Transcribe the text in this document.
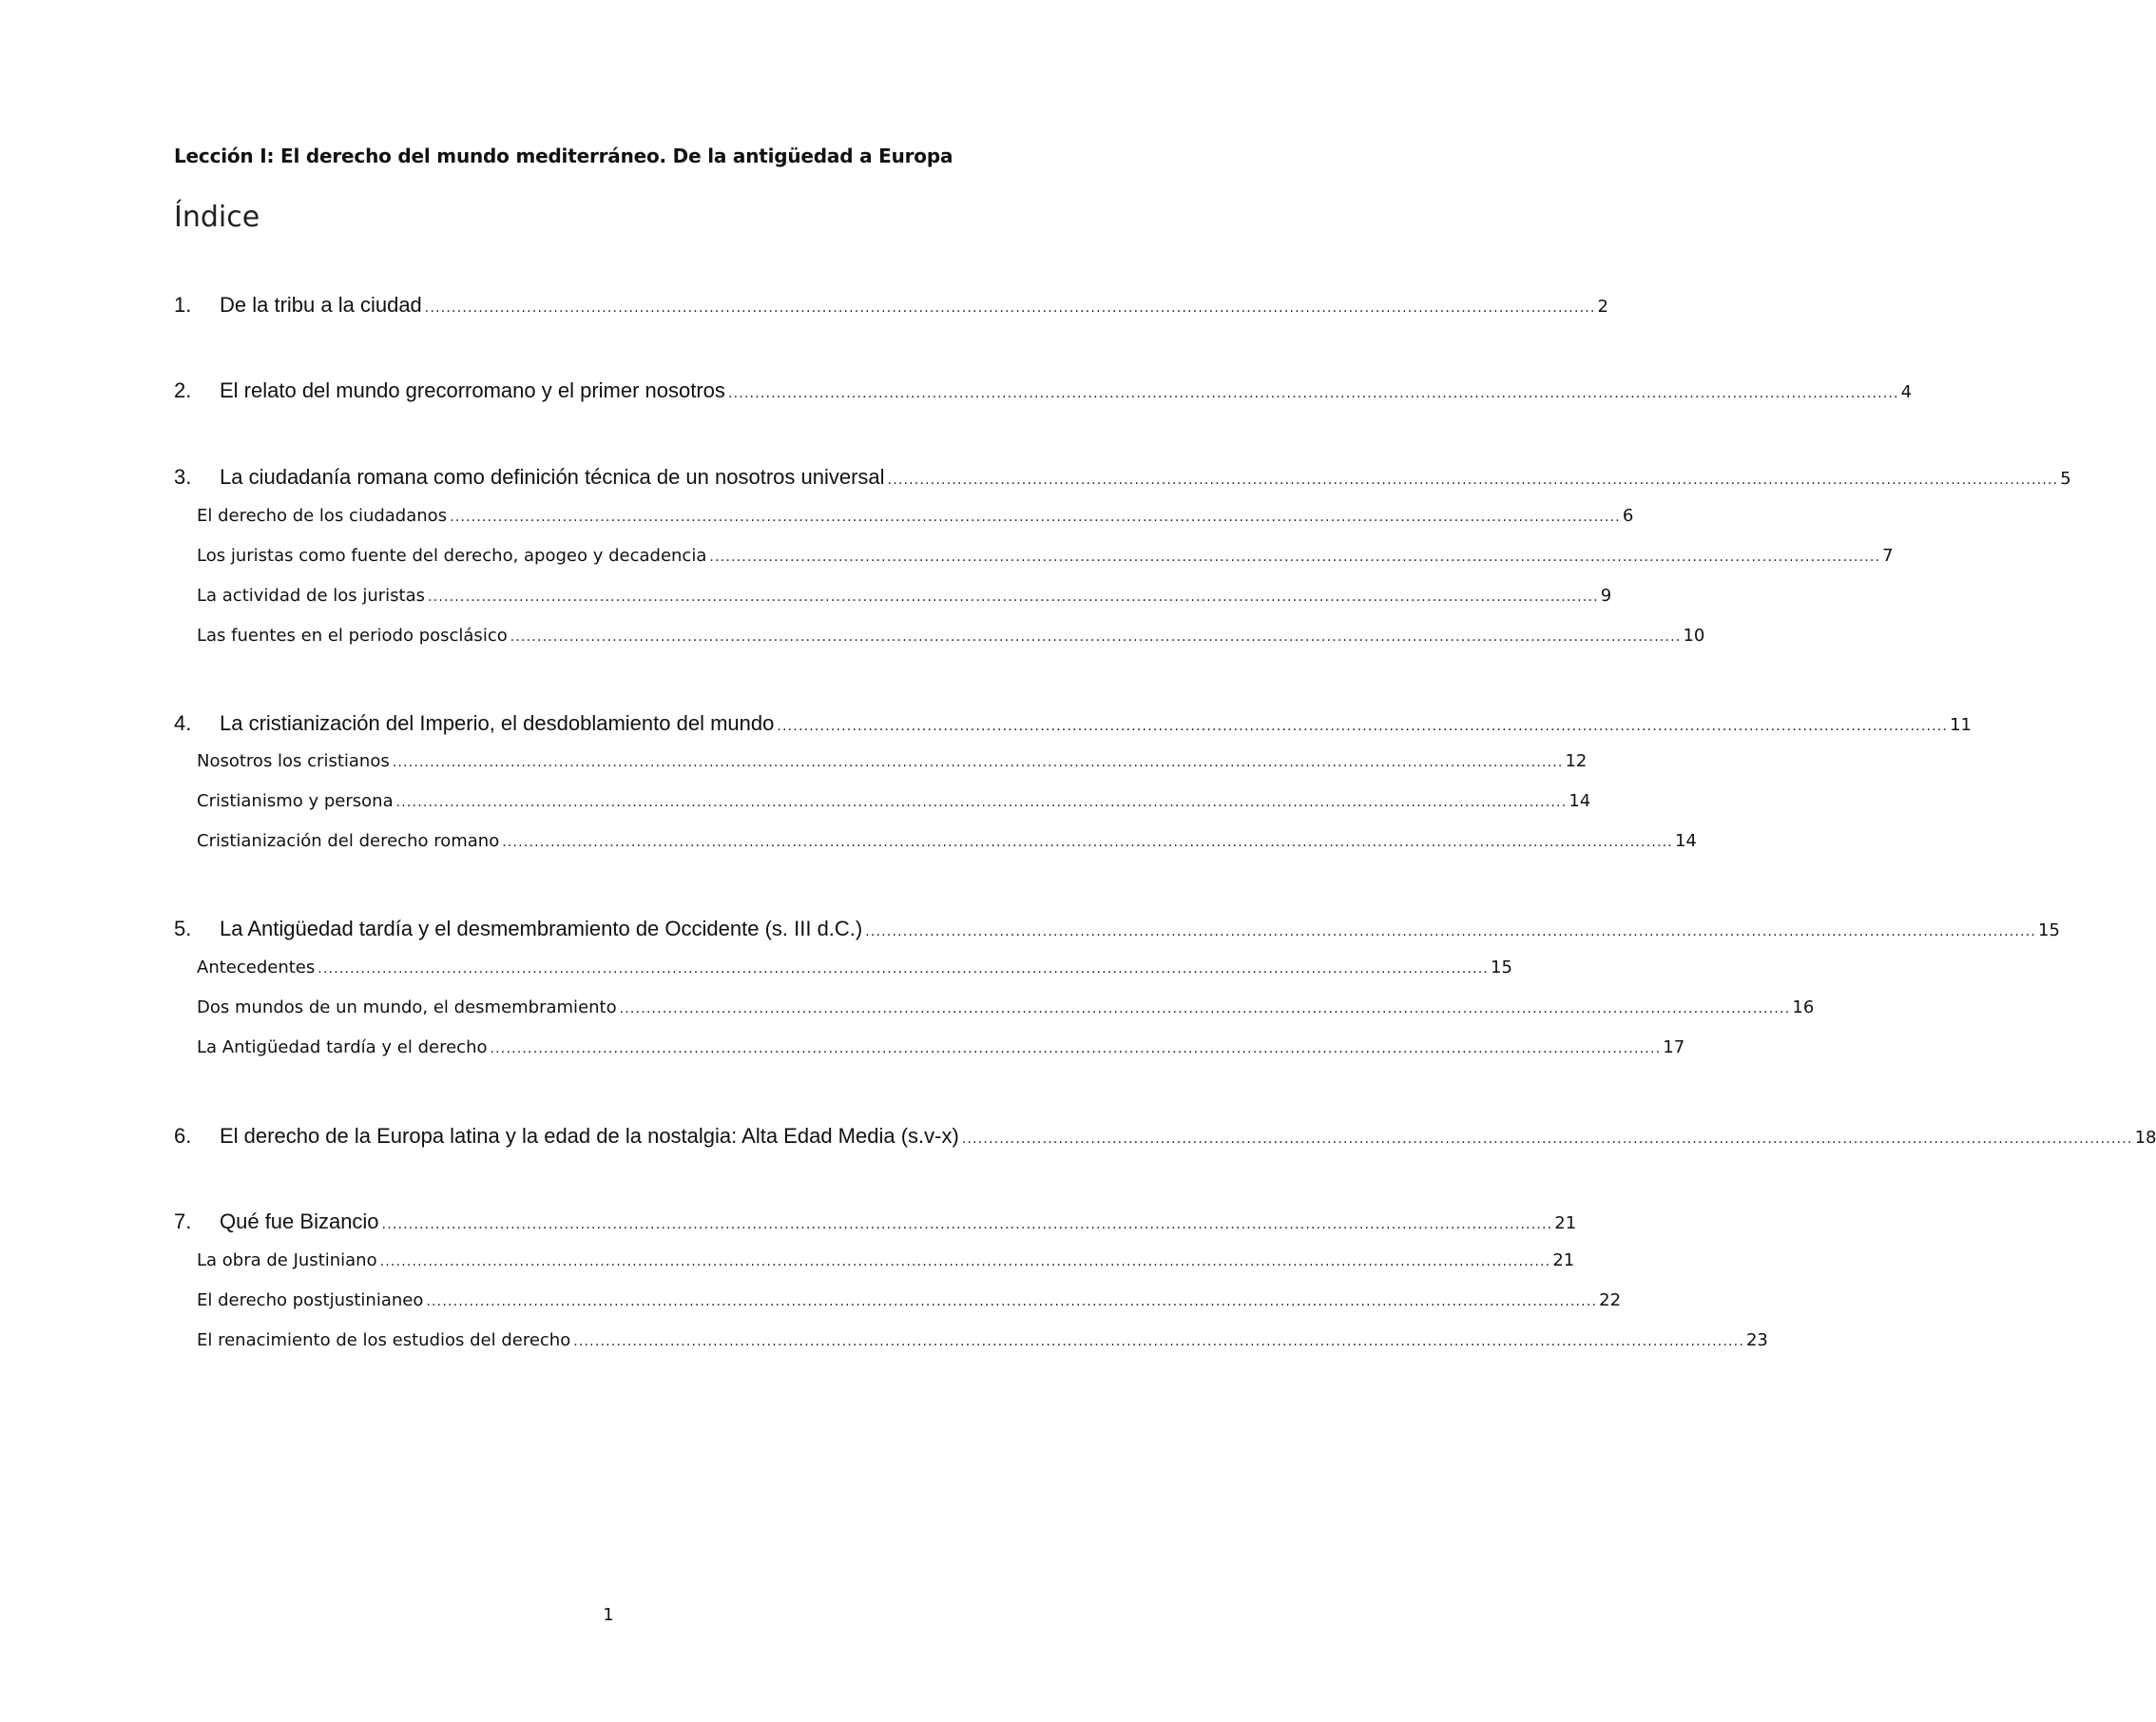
Lección I: El derecho del mundo mediterráneo. De la antigüedad a Europa
Índice
1.	De la tribu a la ciudad .......................................................................................................................................................................................................................... 2
2.	El relato del mundo grecorromano y el primer nosotros .......................................................................................................................................................................................................................... 4
3.	La ciudadanía romana como definición técnica de un nosotros universal .......................................................................................................................................................................................................................... 5
El derecho de los ciudadanos .......................................................................................................................................................................................................................... 6
Los juristas como fuente del derecho, apogeo y decadencia .......................................................................................................................................................................................................................... 7
La actividad de los juristas .......................................................................................................................................................................................................................... 9
Las fuentes en el periodo posclásico .......................................................................................................................................................................................................................... 10
4.	La cristianización del Imperio, el desdoblamiento del mundo .......................................................................................................................................................................................................................... 11
Nosotros los cristianos .......................................................................................................................................................................................................................... 12
Cristianismo y persona .......................................................................................................................................................................................................................... 14
Cristianización del derecho romano .......................................................................................................................................................................................................................... 14
5.	La Antigüedad tardía y el desmembramiento de Occidente (s. III d.C.) .......................................................................................................................................................................................................................... 15
Antecedentes .......................................................................................................................................................................................................................... 15
Dos mundos de un mundo, el desmembramiento .......................................................................................................................................................................................................................... 16
La Antigüedad tardía y el derecho .......................................................................................................................................................................................................................... 17
6.	El derecho de la Europa latina y la edad de la nostalgia: Alta Edad Media (s.v-x) .......................................................................................................................................................................................................................... 18
7.	Qué fue Bizancio .......................................................................................................................................................................................................................... 21
La obra de Justiniano .......................................................................................................................................................................................................................... 21
El derecho postjustinianeo .......................................................................................................................................................................................................................... 22
El renacimiento de los estudios del derecho .......................................................................................................................................................................................................................... 23
1
